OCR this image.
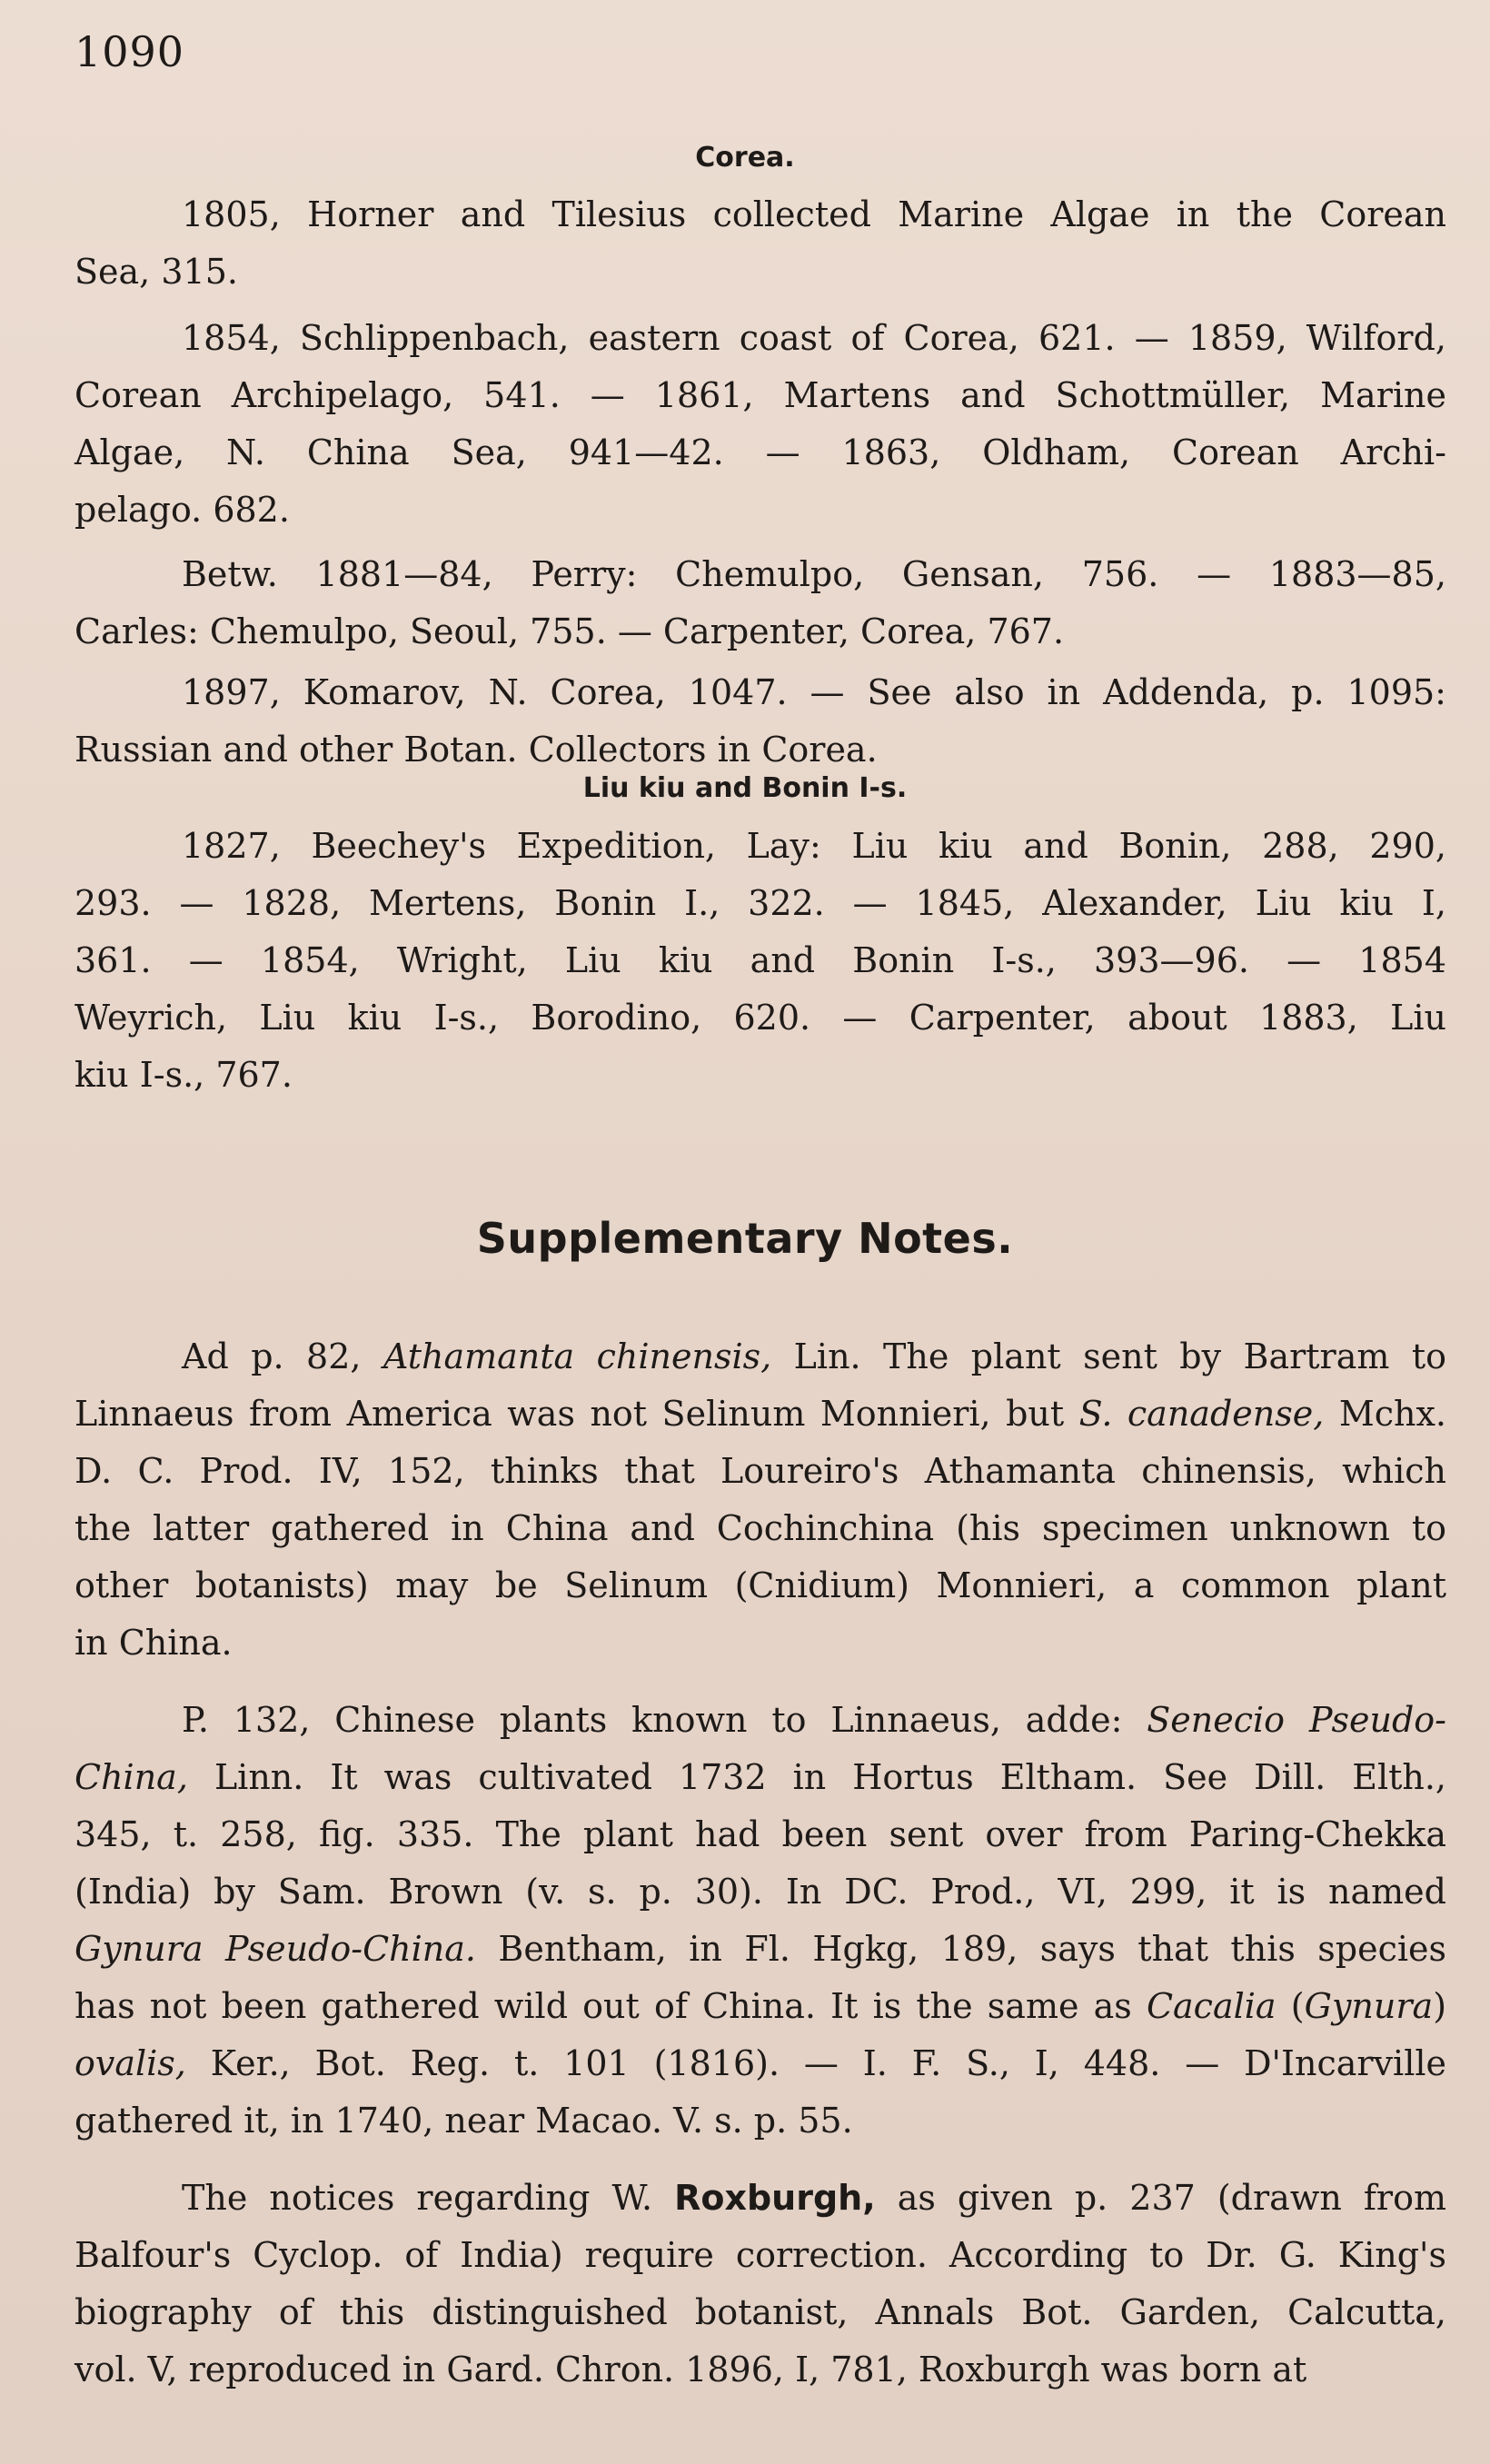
1090
Corea.
1805, Horner and Tilesius collected Marine Algae in the Corean
Sea, 315.
1854, Schlippenbach, eastern coast of Corea, 621. — 1859, Wilford,
Corean Archipelago, 541. — 1861, Martens and Schottmüller, Marine
Algae, N. China Sea, 941—42. — 1863, Oldham, Corean Archi-
pelago. 682.
Betw. 1881—84, Perry: Chemulpo, Gensan, 756. — 1883—85,
Carles: Chemulpo, Seoul, 755. — Carpenter, Corea, 767.
1897, Komarov, N. Corea, 1047. — See also in Addenda, p. 1095:
Russian and other Botan. Collectors in Corea.
Liu kiu and Bonin I-s.
1827, Beechey's Expedition, Lay: Liu kiu and Bonin, 288, 290,
293. — 1828, Mertens, Bonin I., 322. — 1845, Alexander, Liu kiu I,
361. — 1854, Wright, Liu kiu and Bonin I-s., 393—96. — 1854
Weyrich, Liu kiu I-s., Borodino, 620. — Carpenter, about 1883, Liu
kiu I-s., 767.
Supplementary Notes.
Ad p. 82, Athamanta chinensis, Lin. The plant sent by Bartram to
Linnaeus from America was not Selinum Monnieri, but S. canadense, Mchx.
D. C. Prod. IV, 152, thinks that Loureiro's Athamanta chinensis, which
the latter gathered in China and Cochinchina (his specimen unknown to
other botanists) may be Selinum (Cnidium) Monnieri, a common plant
in China.
P. 132, Chinese plants known to Linnaeus, adde: Senecio Pseudo-
China, Linn. It was cultivated 1732 in Hortus Eltham. See Dill. Elth.,
345, t. 258, fig. 335. The plant had been sent over from Paring-Chekka
(India) by Sam. Brown (v. s. p. 30). In DC. Prod., VI, 299, it is named
Gynura Pseudo-China. Bentham, in Fl. Hgkg, 189, says that this species
has not been gathered wild out of China. It is the same as Cacalia (Gynura)
ovalis, Ker., Bot. Reg. t. 101 (1816). — I. F. S., I, 448. — D'Incarville
gathered it, in 1740, near Macao. V. s. p. 55.
The notices regarding W. Roxburgh, as given p. 237 (drawn from
Balfour's Cyclop. of India) require correction. According to Dr. G. King's
biography of this distinguished botanist, Annals Bot. Garden, Calcutta,
vol. V, reproduced in Gard. Chron. 1896, I, 781, Roxburgh was born at
